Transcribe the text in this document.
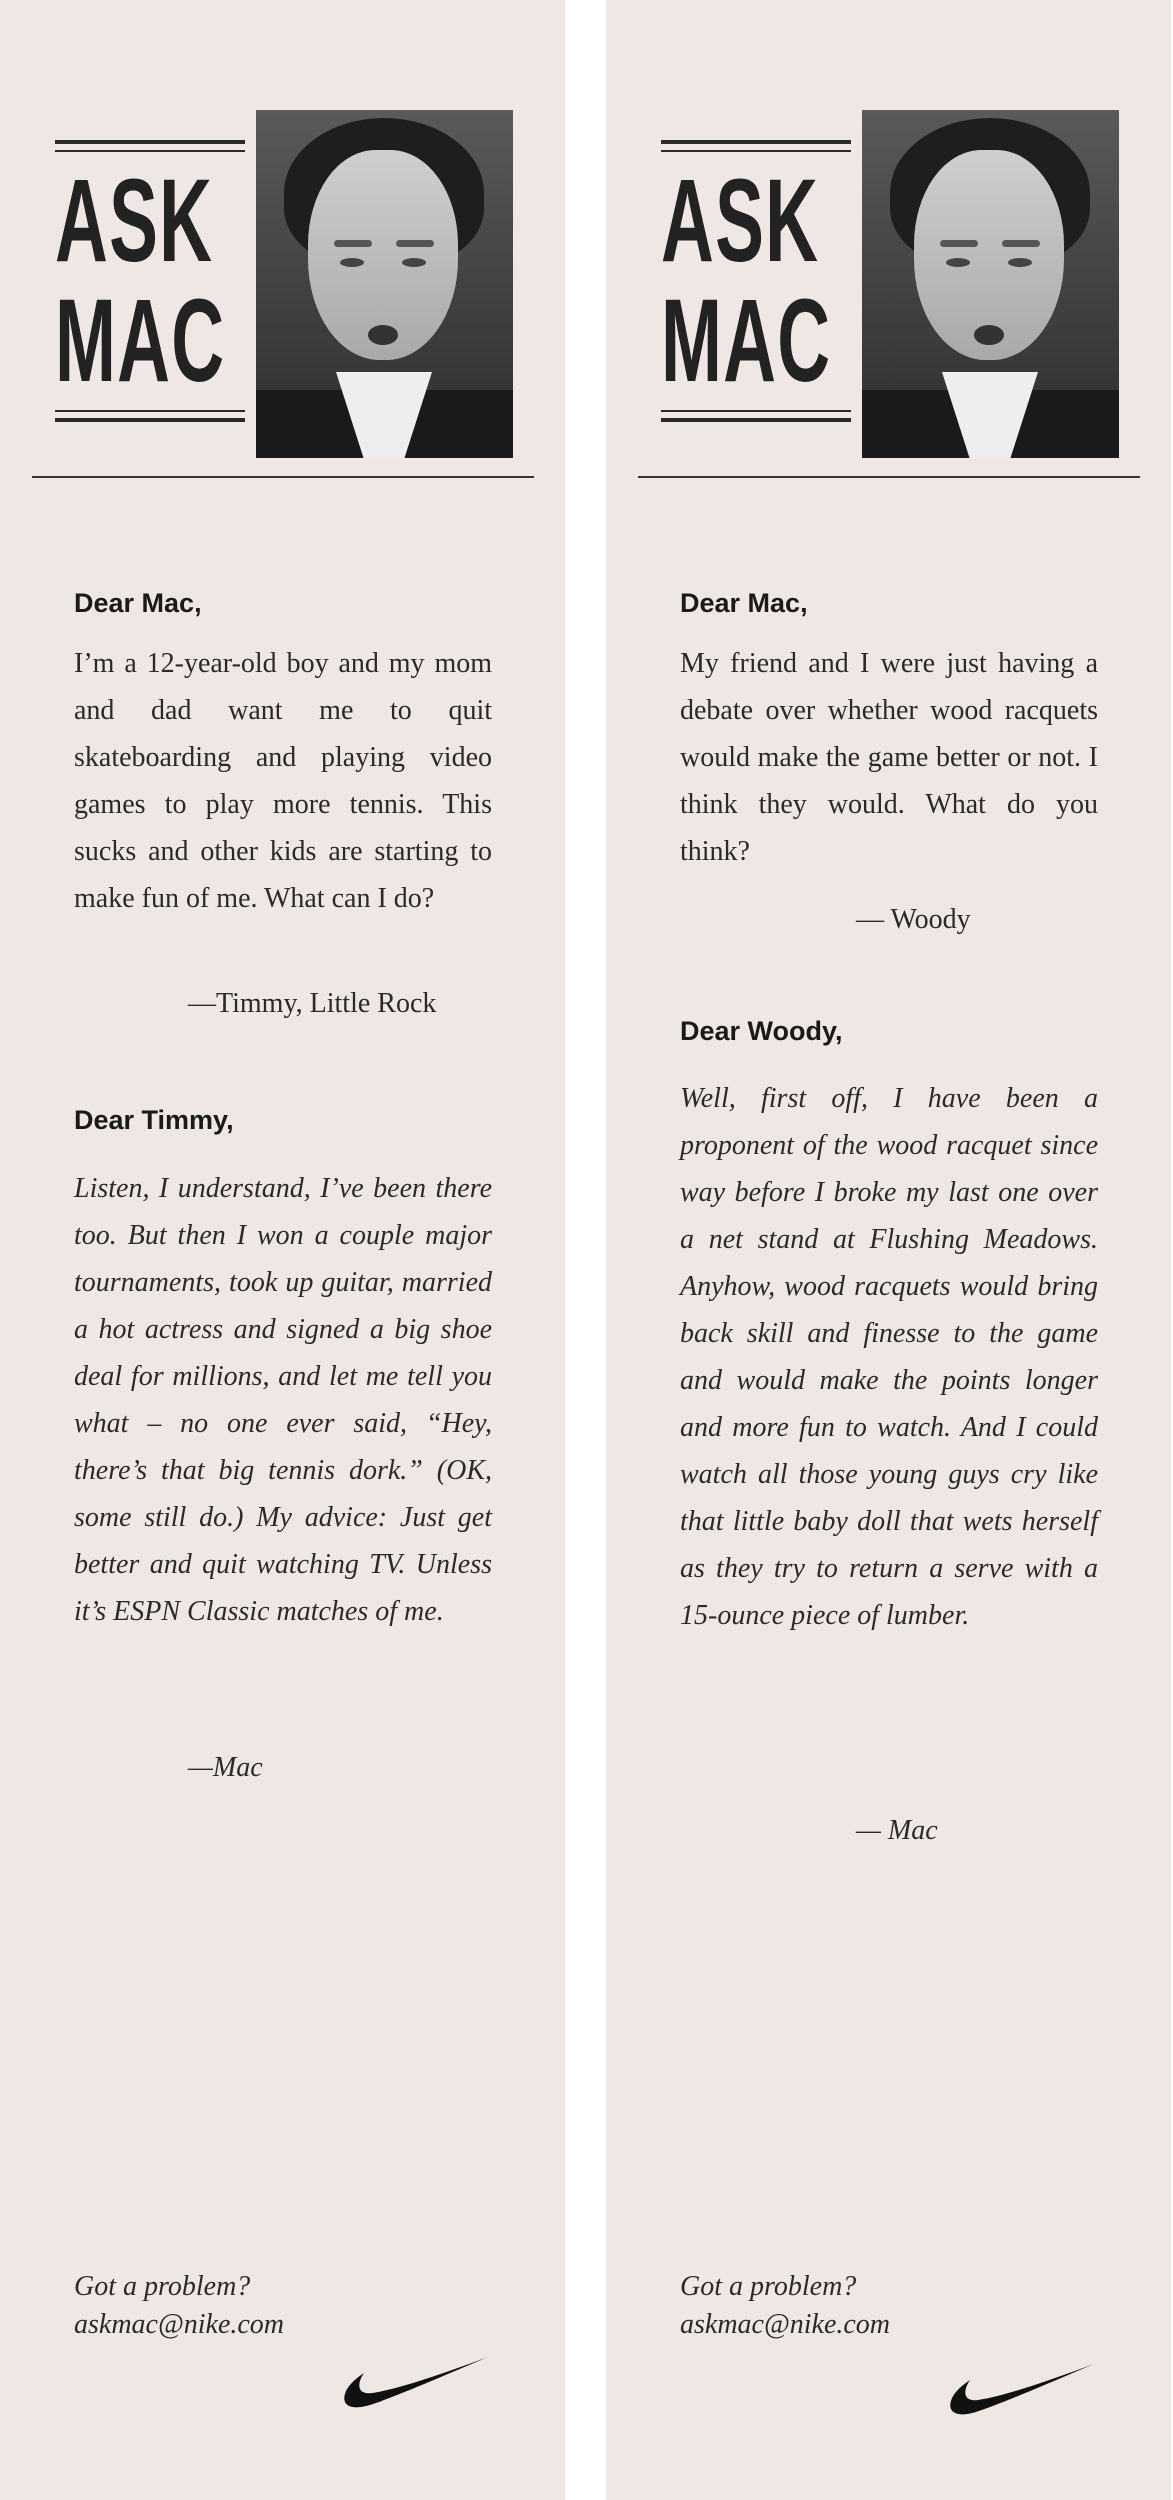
ASK
MAC
Dear Mac,
I’m a 12-year-old boy and my mom and dad want me to quit skateboarding and playing video games to play more tennis. This sucks and other kids are starting to make fun of me. What can I do?
—Timmy, Little Rock
Dear Timmy,
Listen, I understand, I’ve been there too. But then I won a couple major tournaments, took up guitar, married a hot actress and signed a big shoe deal for millions, and let me tell you what – no one ever said, “Hey, there’s that big tennis dork.” (OK, some still do.) My advice: Just get better and quit watching TV. Unless it’s ESPN Classic matches of me.
—Mac
Got a problem?
askmac@nike.com
ASK
MAC
Dear Mac,
My friend and I were just having a debate over whether wood racquets would make the game better or not. I think they would. What do you think?
— Woody
Dear Woody,
Well, first off, I have been a proponent of the wood racquet since way before I broke my last one over a net stand at Flushing Meadows. Anyhow, wood racquets would bring back skill and finesse to the game and would make the points longer and more fun to watch. And I could watch all those young guys cry like that little baby doll that wets herself as they try to return a serve with a 15-ounce piece of lumber.
— Mac
Got a problem?
askmac@nike.com
